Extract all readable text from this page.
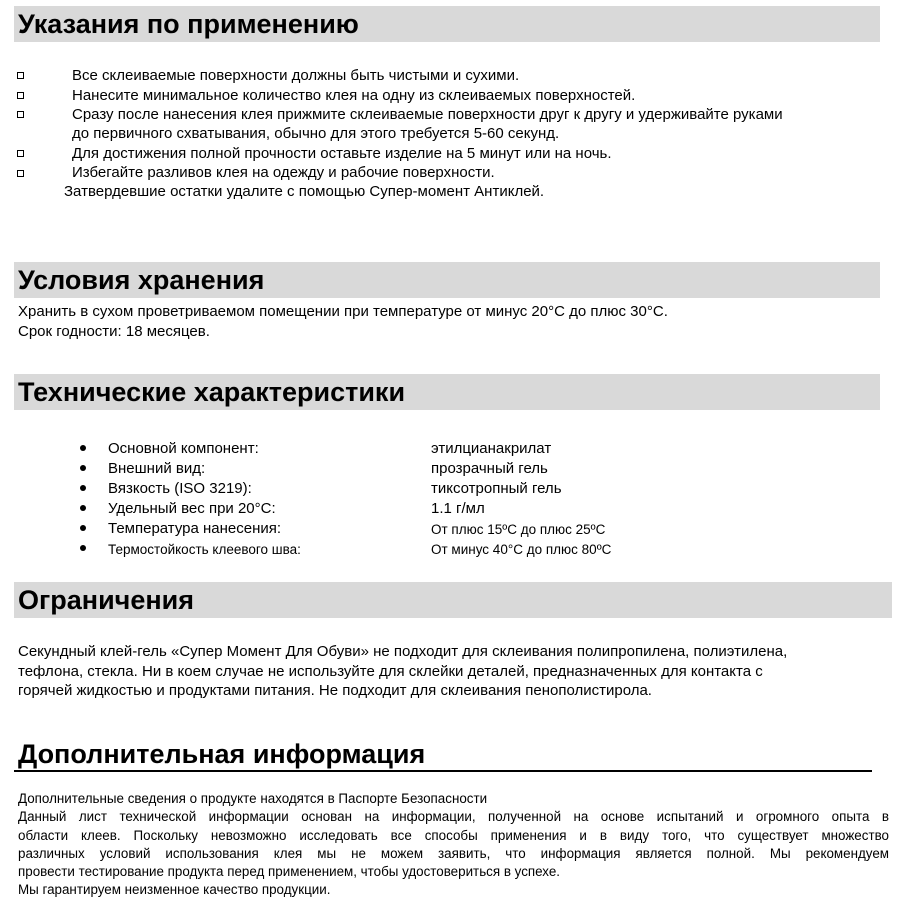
Указания по применению
Все склеиваемые поверхности должны быть чистыми и сухими.
Нанесите минимальное количество клея на одну из склеиваемых поверхностей.
Сразу после нанесения клея прижмите склеиваемые поверхности друг к другу и удерживайте руками
до первичного схватывания, обычно для этого требуется 5-60 секунд.
Для достижения полной прочности оставьте изделие на 5 минут или на ночь.
Избегайте разливов клея на одежду и рабочие поверхности.
Затвердевшие остатки удалите с помощью Супер-момент Антиклей.
Условия хранения
Хранить в сухом проветриваемом помещении при температуре от минус 20°С до плюс 30°С.
Срок годности: 18 месяцев.
Технические характеристики
Основной компонент:	этилцианакрилат
Внешний вид:	прозрачный гель
Вязкость (ISO 3219):	тиксотропный гель
Удельный вес при 20°С:	1.1 г/мл
Температура нанесения:	От плюс 15ºС до плюс 25ºС
Термостойкость клеевого шва:	От минус 40°С до плюс 80ºС
Ограничения
Секундный клей-гель «Супер Момент Для Обуви» не подходит для склеивания полипропилена, полиэтилена,
тефлона, стекла. Ни в коем случае не используйте для склейки деталей, предназначенных для контакта с
горячей жидкостью и продуктами питания. Не подходит для склеивания пенополистирола.
Дополнительная информация
Дополнительные сведения о продукте находятся в Паспорте Безопасности
Данный лист технической информации основан на информации, полученной на основе испытаний и огромного опыта в
области клеев. Поскольку невозможно исследовать все способы применения и в виду того, что существует множество
различных условий использования клея мы не можем заявить, что информация является полной. Мы рекомендуем
провести тестирование продукта перед применением, чтобы удостовериться в успехе.
Мы гарантируем неизменное качество продукции.
